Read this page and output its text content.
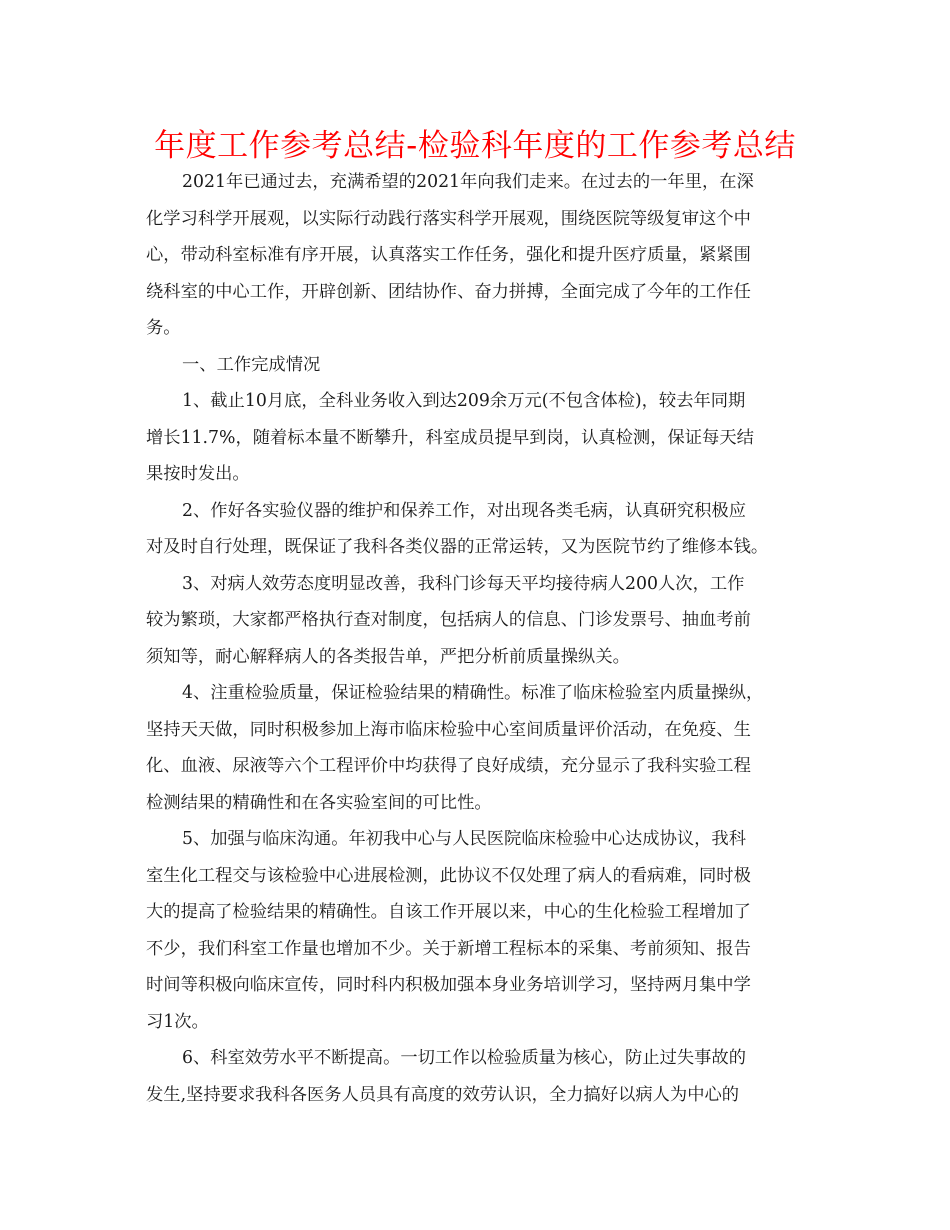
年度工作参考总结-检验科年度的工作参考总结

2021年已通过去，充满希望的2021年向我们走来。在过去的一年里，在深
化学习科学开展观，以实际行动践行落实科学开展观，围绕医院等级复审这个中
心，带动科室标准有序开展，认真落实工作任务，强化和提升医疗质量，紧紧围
绕科室的中心工作，开辟创新、团结协作、奋力拼搏，全面完成了今年的工作任
务。

一、工作完成情况

1、截止10月底，全科业务收入到达209余万元(不包含体检)，较去年同期
增长11.7%，随着标本量不断攀升，科室成员提早到岗，认真检测，保证每天结
果按时发出。

2、作好各实验仪器的维护和保养工作，对出现各类毛病，认真研究积极应
对及时自行处理，既保证了我科各类仪器的正常运转，又为医院节约了维修本钱。

3、对病人效劳态度明显改善，我科门诊每天平均接待病人200人次，工作
较为繁琐，大家都严格执行查对制度，包括病人的信息、门诊发票号、抽血考前
须知等，耐心解释病人的各类报告单，严把分析前质量操纵关。

4、注重检验质量，保证检验结果的精确性。标准了临床检验室内质量操纵，
坚持天天做，同时积极参加上海市临床检验中心室间质量评价活动，在免疫、生
化、血液、尿液等六个工程评价中均获得了良好成绩，充分显示了我科实验工程
检测结果的精确性和在各实验室间的可比性。

5、加强与临床沟通。年初我中心与人民医院临床检验中心达成协议，我科
室生化工程交与该检验中心进展检测，此协议不仅处理了病人的看病难，同时极
大的提高了检验结果的精确性。自该工作开展以来，中心的生化检验工程增加了
不少，我们科室工作量也增加不少。关于新增工程标本的采集、考前须知、报告
时间等积极向临床宣传，同时科内积极加强本身业务培训学习，坚持两月集中学
习1次。

6、科室效劳水平不断提高。一切工作以检验质量为核心，防止过失事故的
发生,坚持要求我科各医务人员具有高度的效劳认识，全力搞好以病人为中心的
